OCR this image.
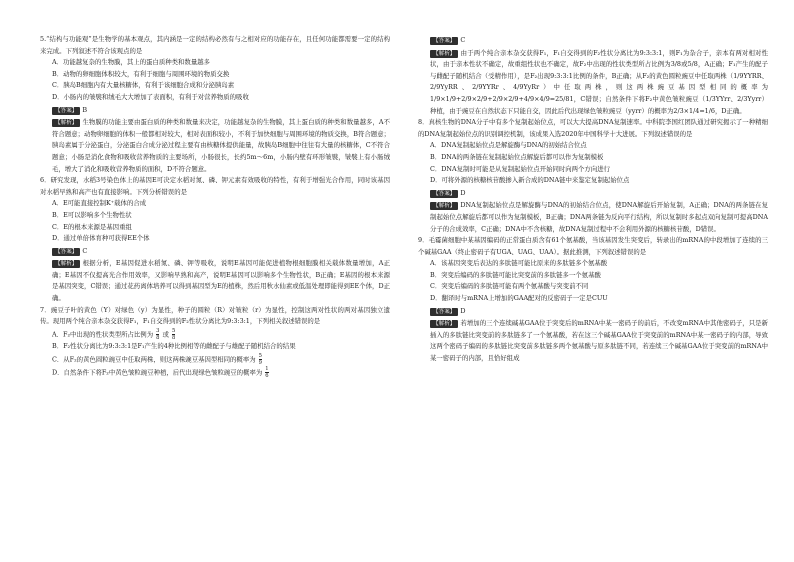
5.“结构与功能观”是生物学的基本观点，其内涵是一定的结构必然有与之相对应的功能存在，且任何功能都需要一定的结构来完成。下列叙述不符合该观点的是

A．功能越复杂的生物膜，其上的蛋白质种类和数量越多

B．动物的卵细胞体积较大，有利于细胞与周围环境的物质交换

C．胰岛B细胞内有大量核糖体，有利于该细胞合成和分泌胰岛素

D．小肠内的皱襞和绒毛大大增加了表面积，有利于对营养物质的吸收

【答案】 B

【解析】 生物膜的功能主要由蛋白质的种类和数量来决定，功能越复杂的生物膜，其上蛋白质的种类和数量越多，A不符合题意；动物卵细胞的体积一般都相对较大，相对表面积较小，不利于加快细胞与周围环境的物质交换，B符合题意；胰岛素属于分泌蛋白，分泌蛋白合成分泌过程主要有由核糖体提供能量，故胰岛B细胞中往往有大量的核糖体，C不符合题意；小肠是消化食物和吸收营养物质的主要场所，小肠很长，长约5m～6m，小肠内壁有环形皱襞，皱襞上有小肠绒毛，增大了消化和吸收营养物质的面积，D不符合题意。

6．研究发现，水稻3号染色体上的基因E可决定水稻对氮、磷、钾元素有效吸收的特性，有利于增强光合作用，同时该基因对水稻早熟和高产也有直接影响。下列分析错误的是

A．E可能直接控制K⁺载体的合成

B．E可以影响多个生物性状

C．E的根本来源是基因重组

D．通过单倍体育种可获得EE个体

【答案】 C

【解析】 根据分析，E基因促进水稻氮、磷、钾等吸收，说明E基因可能促进植物根细胞膜相关载体数量增加，A正确；E基因不仅提高光合作用效率，又影响早熟和高产，说明E基因可以影响多个生物性状，B正确；E基因的根本来源是基因突变，C错误；通过花药离体培养可以得到基因型为E的植株，然后用秋水仙素或低温处理即能得到EE个体，D正确。

7．豌豆子叶的黄色（Y）对绿色（y）为显性，种子的圆粒（R）对皱粒（r）为显性，控制这两对性状的两对基因独立遗传。现用两个纯合亲本杂交获得F₁，F₁自交得到的F₂性状分离比为9:3:3:1，下列相关叙述错误的是

A．F₂中出现的性状类型所占比例为 $\frac{3}{8}$ 或 $\frac{5}{8}$

B．F₂性状分离比为9:3:3:1是F₁产生的4种比例相等的雌配子与雄配子随机结合的结果

C．从F₂的黄色圆粒豌豆中任取两株，则这两株豌豆基因型相同的概率为 $\frac{5}{9}$

D．自然条件下将F₂中黄色皱粒豌豆种植，后代出现绿色皱粒豌豆的概率为 $\frac{1}{6}$

【答案】 C

【解析】 由于两个纯合亲本杂交获得F₁，F₁自交得到的F₂性状分离比为9:3:3:1，则F₁为杂合子，亲本有两对相对性状，由于亲本性状不确定，故重组性状也不确定，故F₂中出现的性状类型所占比例为3/8或5/8，A正确；F₁产生的配子与雌配子随机结合（受精作用），是F₂出现9:3:3:1比例的条件，B正确；从F₂的黄色圆粒豌豆中任取两株（1/9YYRR、2/9YyRR、2/9YYRr、4/9YyRr）中任取两株，则这两株豌豆基因型相同的概率为1/9×1/9+2/9×2/9+2/9×2/9+4/9×4/9=25/81，C错误；自然条件下将F₂中黄色皱粒豌豆（1/3YYrr、2/3Yyrr）种植，由于豌豆在自然状态下只能自交，因此后代出现绿色皱粒豌豆（yyrr）的概率为2/3×1/4=1/6，D正确。

8．真核生物的DNA分子中有多个复制起始位点，可以大大提高DNA复制速率。中科院李国红团队通过研究揭示了一种精细的DNA复制起始位点的识别调控机制，该成果入选2020年中国科学十大进展。下列叙述错误的是

A．DNA复制起始位点是解旋酶与DNA的初始结合位点

B．DNA的两条链在复制起始位点解旋后都可以作为复制模板

C．DNA复制时可能是从复制起始位点开始同时向两个方向进行

D．可将外源的核糖核苷酸掺入新合成的DNA链中来鉴定复制起始位点

【答案】 D

【解析】 DNA复制起始位点是解旋酶与DNA的初始结合位点，使DNA解旋后开始复制，A正确；DNA的两条链在复制起始位点解旋后都可以作为复制模板，B正确；DNA两条链为反向平行结构，所以复制时多起点双向复制可提高DNA分子的合成效率，C正确；DNA中不含核糖，故DNA复制过程中不会利用外源的核糖核苷酸，D错误。

9．毛霉菌细胞中某基因编码的正常蛋白质含有61个氨基酸，当该基因发生突变后，转录出的mRNA的中段增加了连续的三个碱基GAA（终止密码子有UGA、UAG、UAA）。据此推测，下列叙述错误的是

A．该基因突变后表达的多肽链可能比原来的多肽链多个氨基酸

B．突变后编码的多肽链可能比突变前的多肽链多一个氨基酸

C．突变后编码的多肽链可能有两个氨基酸与突变前不同

D．翻译时与mRNA上增加的GAA配对的反密码子一定是CUU

【答案】 D

【解析】 若增加的三个连续碱基GAA位于突变后的mRNA中某一密码子的前后，不改变mRNA中其他密码子，只是新插入的多肽链比突变前的多肽链多了一个氨基酸，若在这三个碱基GAA位于突变前的mRNA中某一密码子的内部，导致这两个密码子编码的多肽链比突变前多肽链多两个氨基酸与原多肽链不同，若连续三个碱基GAA位于突变前的mRNA中某一密码子的内部，且恰好组成
